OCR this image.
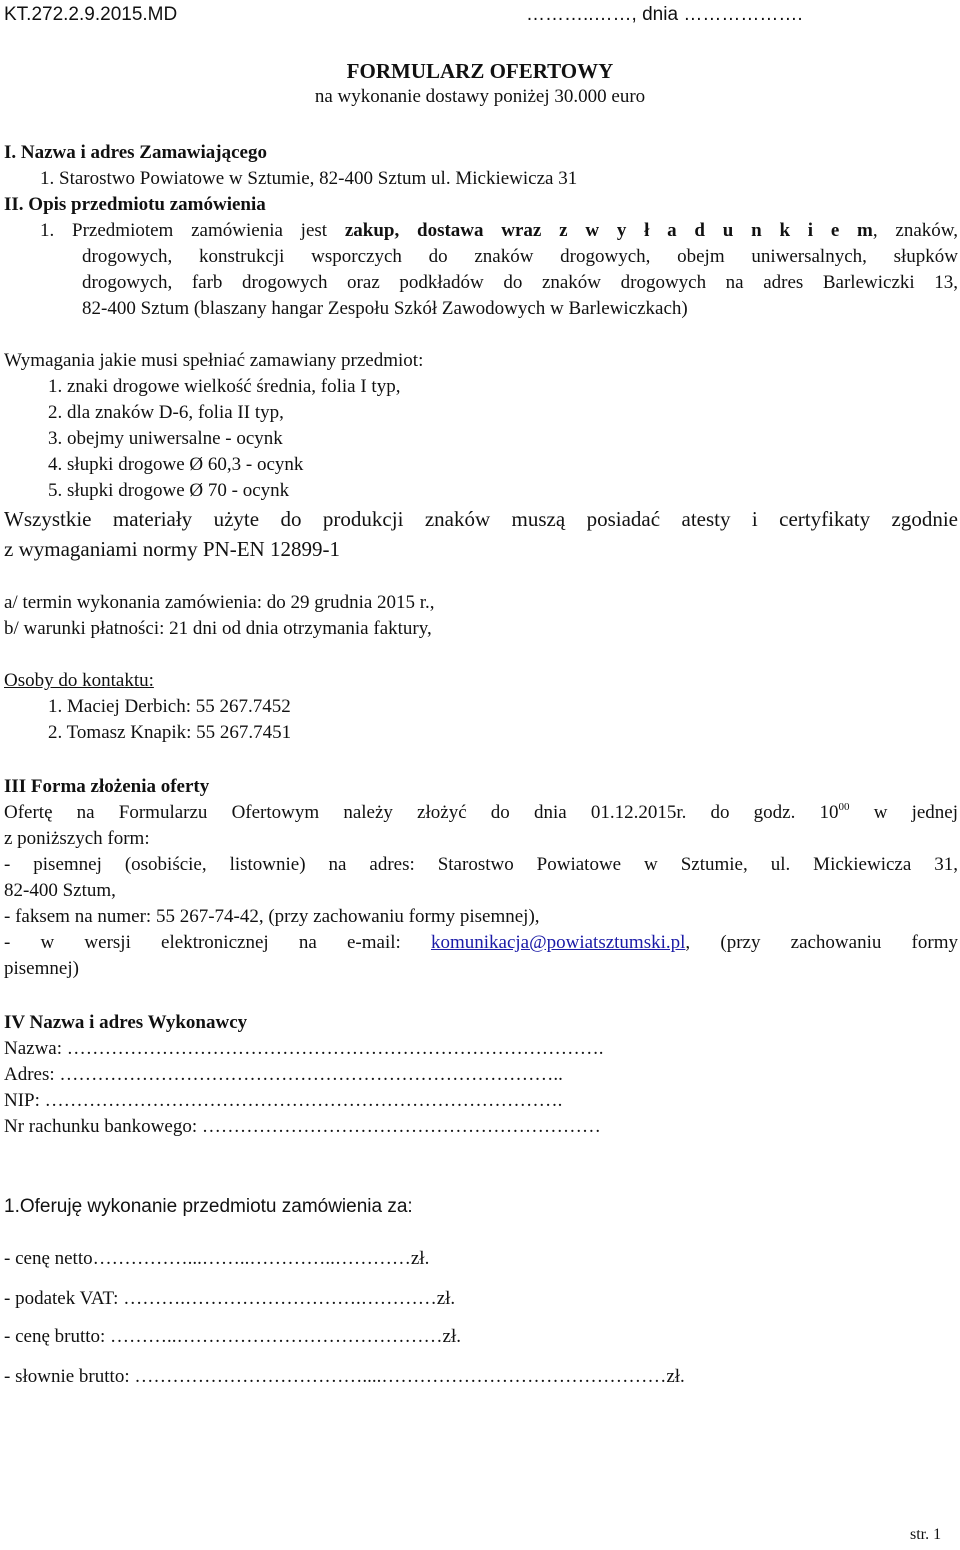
KT.272.2.9.2015.MD	………..……, dnia ……………….
FORMULARZ OFERTOWY
na wykonanie dostawy poniżej 30.000 euro
I. Nazwa i adres Zamawiającego
1. Starostwo Powiatowe w Sztumie, 82-400 Sztum ul. Mickiewicza 31
II. Opis przedmiotu zamówienia
1. Przedmiotem zamówienia jest zakup, dostawa wraz z w y ł a d u n k i e m, znaków,
drogowych, konstrukcji wsporczych do znaków drogowych, obejm uniwersalnych, słupków
drogowych, farb drogowych oraz podkładów do znaków drogowych na adres Barlewiczki 13,
82-400 Sztum (blaszany hangar Zespołu Szkół Zawodowych w Barlewiczkach)
Wymagania jakie musi spełniać zamawiany przedmiot:
1. znaki drogowe wielkość średnia, folia I typ,
2. dla znaków D-6, folia II typ,
3. obejmy uniwersalne - ocynk
4. słupki drogowe Ø 60,3 - ocynk
5. słupki drogowe Ø 70 - ocynk
Wszystkie materiały użyte do produkcji znaków muszą posiadać atesty i certyfikaty zgodnie
z wymaganiami normy PN-EN 12899-1
a/ termin wykonania zamówienia: do 29 grudnia 2015 r.,
b/ warunki płatności: 21 dni od dnia otrzymania faktury,
Osoby do kontaktu:
1. Maciej Derbich: 55 267.7452
2. Tomasz Knapik: 55 267.7451
III Forma złożenia oferty
Ofertę na Formularzu Ofertowym należy złożyć do dnia 01.12.2015r. do godz. $10^{00}$ w jednej
z poniższych form:
- pisemnej (osobiście, listownie) na adres: Starostwo Powiatowe w Sztumie, ul. Mickiewicza 31,
82-400 Sztum,
- faksem na numer: 55 267-74-42, (przy zachowaniu formy pisemnej),
- w wersji elektronicznej na e-mail: komunikacja@powiatsztumski.pl, (przy zachowaniu formy
pisemnej)
IV Nazwa i adres Wykonawcy
Nazwa: ………………………………………………………………………….
Adres: ……………………………………………………………………..
NIP: ……………………………………………………………………….
Nr rachunku bankowego: ………………………………………………………
1.Oferuję wykonanie przedmiotu zamówienia za:
- cenę netto……………...……..…………..…………zł.
- podatek VAT: ……….……………………….…………zł.
- cenę brutto: ………..……………………………………zł.
- słownie brutto: ………………………………....………………………………………zł.
str. 1
